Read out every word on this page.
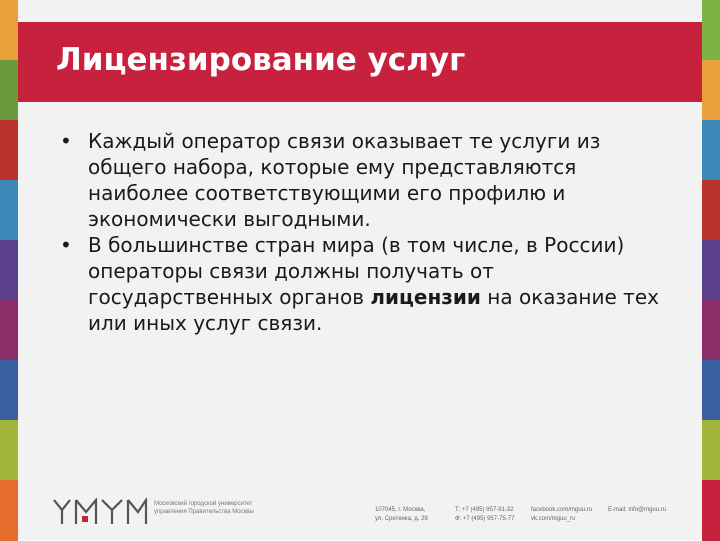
Лицензирование услуг

• Каждый оператор связи оказывает те услуги из общего набора, которые ему представляются наиболее соответствующими его профилю и экономически выгодными.

• В большинстве стран мира (в том числе, в России) операторы связи должны получать от государственных органов лицензии на оказание тех или иных услуг связи.

Московский городской университет управления Правительства Москвы	107045, г. Москва,
ул. Сретенка, д. 28
Т: +7 (495) 957-91-32
Ф: +7 (495) 957-75-77
facebook.com/mguu.ru
vk.com/mguu_ru
E-mail: info@mguu.ru
